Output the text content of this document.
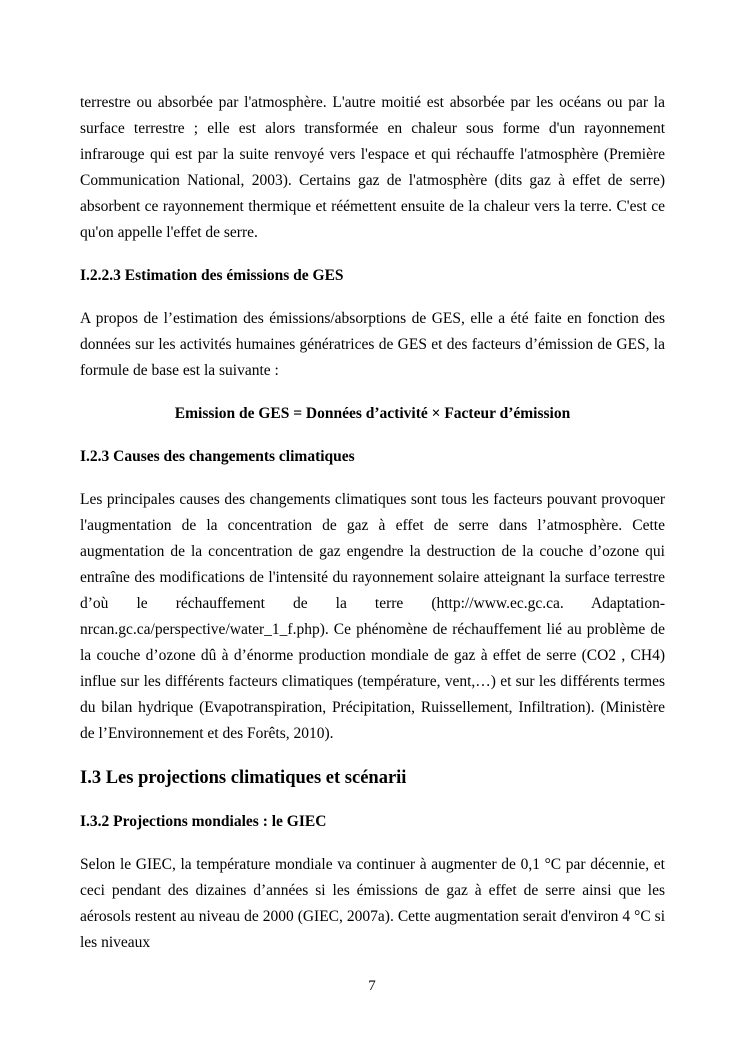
terrestre ou absorbée par l'atmosphère. L'autre moitié est absorbée par les océans ou par la surface terrestre ; elle est alors transformée en chaleur sous forme d'un rayonnement infrarouge qui est par la suite renvoyé vers l'espace et qui réchauffe l'atmosphère (Première Communication National, 2003). Certains gaz de l'atmosphère (dits gaz à effet de serre) absorbent ce rayonnement thermique et réémettent ensuite de la chaleur vers la terre. C'est ce qu'on appelle l'effet de serre.

I.2.2.3 Estimation des émissions de GES

A propos de l’estimation des émissions/absorptions de GES, elle a été faite en fonction des données sur les activités humaines génératrices de GES et des facteurs d’émission de GES, la formule de base est la suivante :

Emission de GES = Données d’activité × Facteur d’émission

I.2.3 Causes des changements climatiques

Les principales causes des changements climatiques sont tous les facteurs pouvant provoquer l'augmentation de la concentration de gaz à effet de serre dans l’atmosphère. Cette augmentation de la concentration de gaz engendre la destruction de la couche d’ozone qui entraîne des modifications de l'intensité du rayonnement solaire atteignant la surface terrestre d’où le réchauffement de la terre (http://www.ec.gc.ca. Adaptation-nrcan.gc.ca/perspective/water_1_f.php). Ce phénomène de réchauffement lié au problème de la couche d’ozone dû à d’énorme production mondiale de gaz à effet de serre (CO2 , CH4) influe sur les différents facteurs climatiques (température, vent,…) et sur les différents termes du bilan hydrique (Evapotranspiration, Précipitation, Ruissellement, Infiltration). (Ministère de l’Environnement et des Forêts, 2010).

I.3 Les projections climatiques et scénarii
I.3.2 Projections mondiales : le GIEC

Selon le GIEC, la température mondiale va continuer à augmenter de 0,1 °C par décennie, et ceci pendant des dizaines d’années si les émissions de gaz à effet de serre ainsi que les aérosols restent au niveau de 2000 (GIEC, 2007a). Cette augmentation serait d'environ 4 °C si les niveaux

7
